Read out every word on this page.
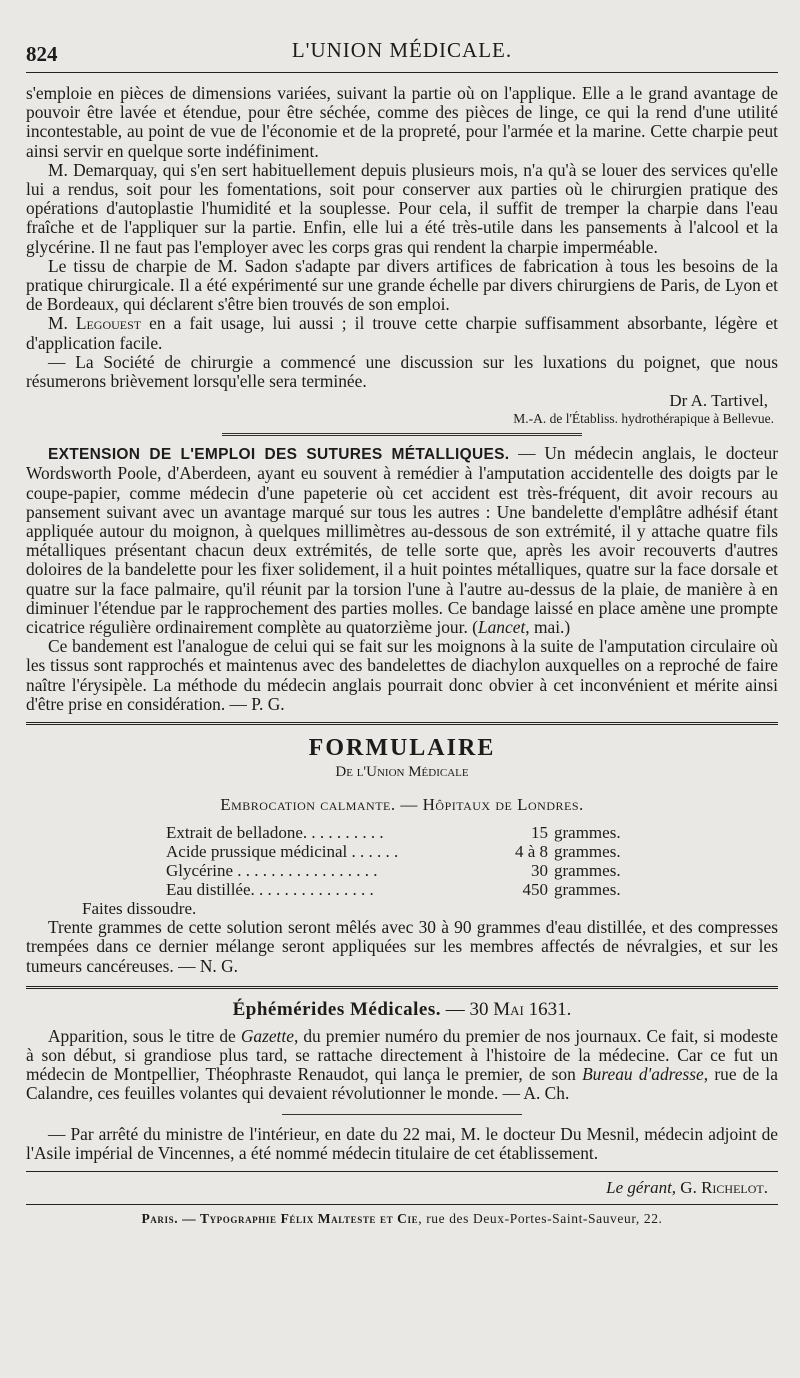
824	L'UNION MÉDICALE.

s'emploie en pièces de dimensions variées, suivant la partie où on l'applique. Elle a le grand avantage de pouvoir être lavée et étendue, pour être séchée, comme des pièces de linge, ce qui la rend d'une utilité incontestable, au point de vue de l'économie et de la propreté, pour l'armée et la marine. Cette charpie peut ainsi servir en quelque sorte indéfiniment.

M. Demarquay, qui s'en sert habituellement depuis plusieurs mois, n'a qu'à se louer des services qu'elle lui a rendus, soit pour les fomentations, soit pour conserver aux parties où le chirurgien pratique des opérations d'autoplastie l'humidité et la souplesse. Pour cela, il suffit de tremper la charpie dans l'eau fraîche et de l'appliquer sur la partie. Enfin, elle lui a été très-utile dans les pansements à l'alcool et la glycérine. Il ne faut pas l'employer avec les corps gras qui rendent la charpie imperméable.

Le tissu de charpie de M. Sadon s'adapte par divers artifices de fabrication à tous les besoins de la pratique chirurgicale. Il a été expérimenté sur une grande échelle par divers chirurgiens de Paris, de Lyon et de Bordeaux, qui déclarent s'être bien trouvés de son emploi.

M. Legouest en a fait usage, lui aussi ; il trouve cette charpie suffisamment absorbante, légère et d'application facile.

— La Société de chirurgie a commencé une discussion sur les luxations du poignet, que nous résumerons brièvement lorsqu'elle sera terminée.

Dr A. Tartivel,
M.-A. de l'Établiss. hydrothérapique à Bellevue.

EXTENSION DE L'EMPLOI DES SUTURES MÉTALLIQUES. — Un médecin anglais, le docteur Wordsworth Poole, d'Aberdeen, ayant eu souvent à remédier à l'amputation accidentelle des doigts par le coupe-papier, comme médecin d'une papeterie où cet accident est très-fréquent, dit avoir recours au pansement suivant avec un avantage marqué sur tous les autres : Une bandelette d'emplâtre adhésif étant appliquée autour du moignon, à quelques millimètres au-dessous de son extrémité, il y attache quatre fils métalliques présentant chacun deux extrémités, de telle sorte que, après les avoir recouverts d'autres doloires de la bandelette pour les fixer solidement, il a huit pointes métalliques, quatre sur la face dorsale et quatre sur la face palmaire, qu'il réunit par la torsion l'une à l'autre au-dessus de la plaie, de manière à en diminuer l'étendue par le rapprochement des parties molles. Ce bandage laissé en place amène une prompte cicatrice régulière ordinairement complète au quatorzième jour. (Lancet, mai.)

Ce bandement est l'analogue de celui qui se fait sur les moignons à la suite de l'amputation circulaire où les tissus sont rapprochés et maintenus avec des bandelettes de diachylon auxquelles on a reproché de faire naître l'érysipèle. La méthode du médecin anglais pourrait donc obvier à cet inconvénient et mérite ainsi d'être prise en considération. — P. G.

FORMULAIRE
De l'Union Médicale
Embrocation calmante. — Hôpitaux de Londres.
Extrait de belladone. . . . . . . . . .	15	grammes.
Acide prussique médicinal . . . . . .	4 à 8	grammes.
Glycérine . . . . . . . . . . . . . . . . .	30	grammes.
Eau distillée. . . . . . . . . . . . . . .	450	grammes.
Faites dissoudre.

Trente grammes de cette solution seront mêlés avec 30 à 90 grammes d'eau distillée, et des compresses trempées dans ce dernier mélange seront appliquées sur les membres affectés de névralgies, et sur les tumeurs cancéreuses. — N. G.

Éphémérides Médicales. — 30 Mai 1631.

Apparition, sous le titre de Gazette, du premier numéro du premier de nos journaux. Ce fait, si modeste à son début, si grandiose plus tard, se rattache directement à l'histoire de la médecine. Car ce fut un médecin de Montpellier, Théophraste Renaudot, qui lança le premier, de son Bureau d'adresse, rue de la Calandre, ces feuilles volantes qui devaient révolutionner le monde. — A. Ch.

— Par arrêté du ministre de l'intérieur, en date du 22 mai, M. le docteur Du Mesnil, médecin adjoint de l'Asile impérial de Vincennes, a été nommé médecin titulaire de cet établissement.

Le gérant, G. Richelot.
Paris. — Typographie Félix Malteste et Cie, rue des Deux-Portes-Saint-Sauveur, 22.
